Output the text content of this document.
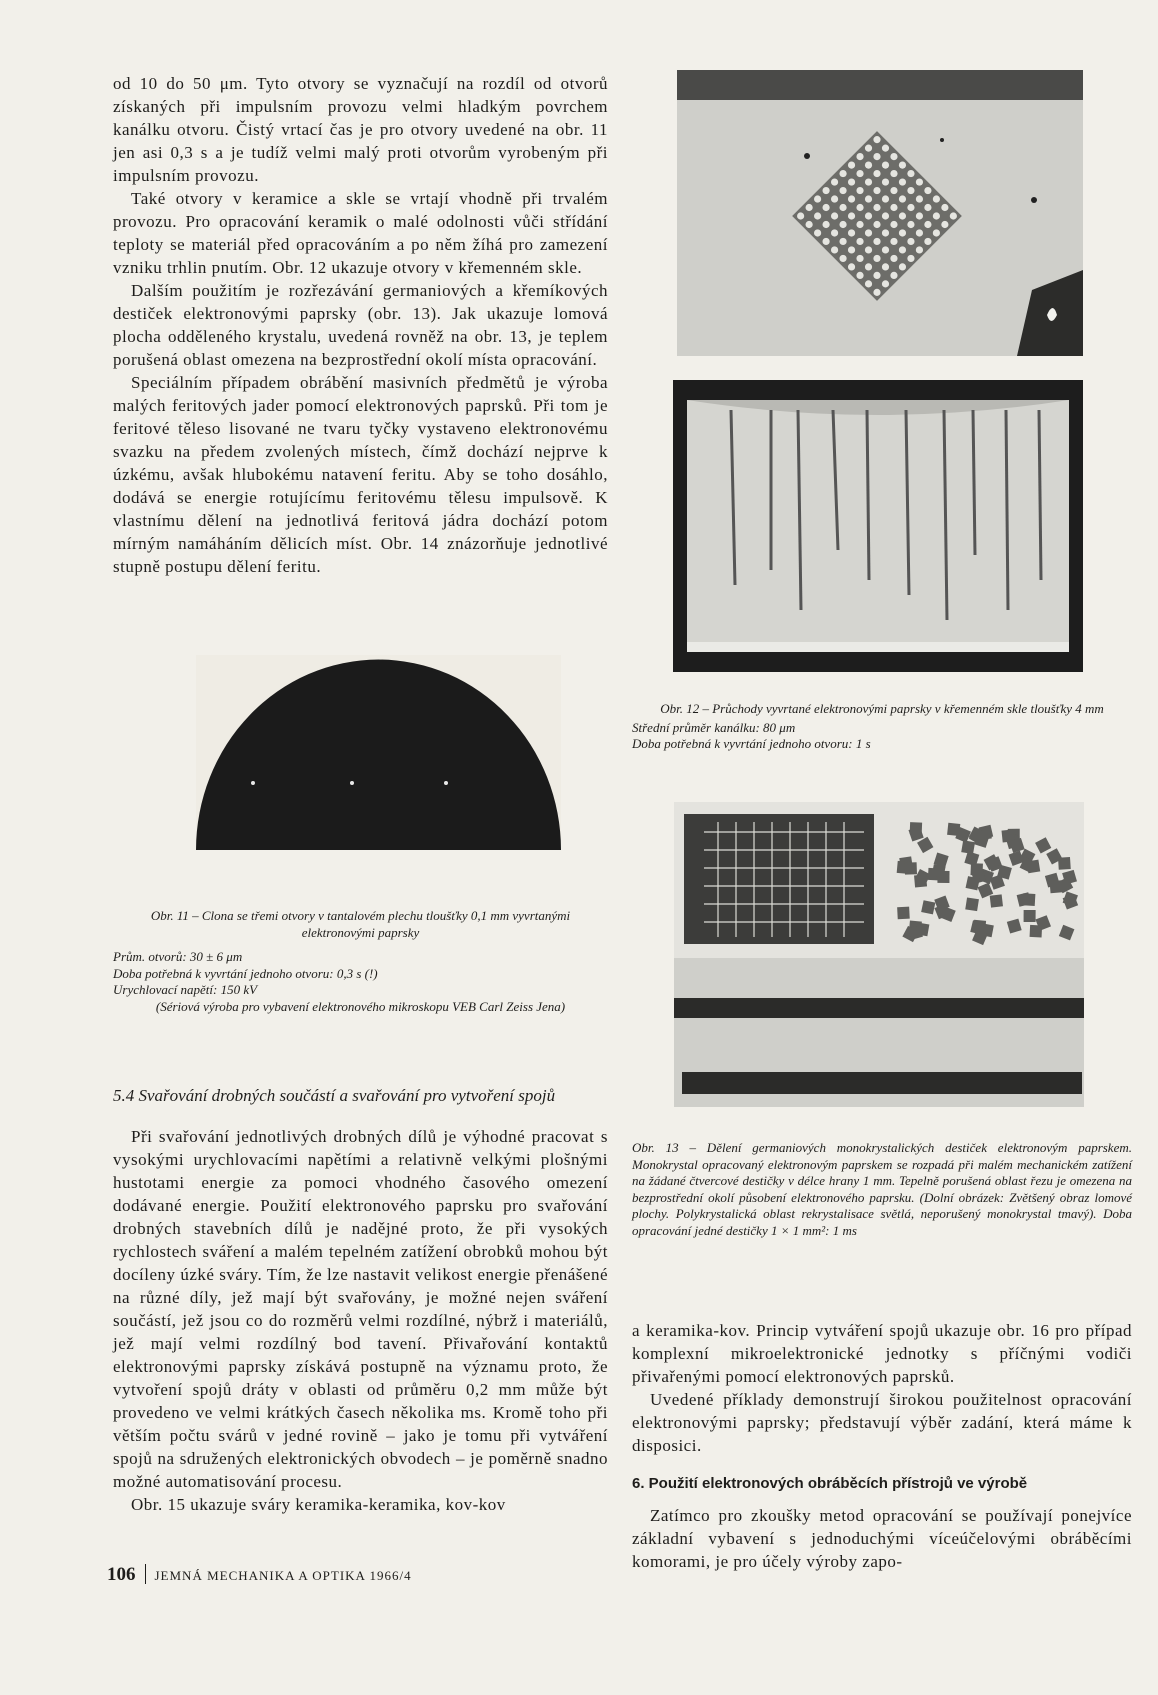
od 10 do 50 μm. Tyto otvory se vyznačují na rozdíl od otvorů získaných při impulsním provozu velmi hladkým povrchem kanálku otvoru. Čistý vrtací čas je pro otvory uvedené na obr. 11 jen asi 0,3 s a je tudíž velmi malý proti otvorům vyrobeným při impulsním provozu.

Také otvory v keramice a skle se vrtají vhodně při trvalém provozu. Pro opracování keramik o malé odolnosti vůči střídání teploty se materiál před opracováním a po něm žíhá pro zamezení vzniku trhlin pnutím. Obr. 12 ukazuje otvory v křemenném skle.

Dalším použitím je rozřezávání germaniových a křemíkových destiček elektronovými paprsky (obr. 13). Jak ukazuje lomová plocha odděleného krystalu, uvedená rovněž na obr. 13, je teplem porušená oblast omezena na bezprostřední okolí místa opracování.

Speciálním případem obrábění masivních předmětů je výroba malých feritových jader pomocí elektronových paprsků. Při tom je feritové těleso lisované ne tvaru tyčky vystaveno elektronovému svazku na předem zvolených místech, čímž dochází nejprve k úzkému, avšak hlubokému natavení feritu. Aby se toho dosáhlo, dodává se energie rotujícímu feritovému tělesu impulsově. K vlastnímu dělení na jednotlivá feritová jádra dochází potom mírným namáháním dělicích míst. Obr. 14 znázorňuje jednotlivé stupně postupu dělení feritu.

Obr. 11 – Clona se třemi otvory v tantalovém plechu tloušťky 0,1 mm vyvrtanými elektronovými paprsky
Prům. otvorů: 30 ± 6 μm
Doba potřebná k vyvrtání jednoho otvoru: 0,3 s (!)
Urychlovací napětí: 150 kV
(Sériová výroba pro vybavení elektronového mikroskopu VEB Carl Zeiss Jena)
5.4 Svařování drobných součástí a svařování pro vytvoření spojů

Při svařování jednotlivých drobných dílů je výhodné pracovat s vysokými urychlovacími napětími a relativně velkými plošnými hustotami energie za pomoci vhodného časového omezení dodávané energie. Použití elektronového paprsku pro svařování drobných stavebních dílů je nadějné proto, že při vysokých rychlostech sváření a malém tepelném zatížení obrobků mohou být docíleny úzké sváry. Tím, že lze nastavit velikost energie přenášené na různé díly, jež mají být svařovány, je možné nejen sváření součástí, jež jsou co do rozměrů velmi rozdílné, nýbrž i materiálů, jež mají velmi rozdílný bod tavení. Přivařování kontaktů elektronovými paprsky získává postupně na významu proto, že vytvoření spojů dráty v oblasti od průměru 0,2 mm může být provedeno ve velmi krátkých časech několika ms. Kromě toho při větším počtu svárů v jedné rovině – jako je tomu při vytváření spojů na sdružených elektronických obvodech – je poměrně snadno možné automatisování procesu.

Obr. 15 ukazuje sváry keramika-keramika, kov-kov

Obr. 12 – Průchody vyvrtané elektronovými paprsky v křemenném skle tloušťky 4 mm
Střední průměr kanálku: 80 μm
Doba potřebná k vyvrtání jednoho otvoru: 1 s
Obr. 13 – Dělení germaniových monokrystalických destiček elektronovým paprskem. Monokrystal opracovaný elektronovým paprskem se rozpadá při malém mechanickém zatížení na žádané čtvercové destičky v délce hrany 1 mm. Tepelně porušená oblast řezu je omezena na bezprostřední okolí působení elektronového paprsku. (Dolní obrázek: Zvětšený obraz lomové plochy. Polykrystalická oblast rekrystalisace světlá, neporušený monokrystal tmavý). Doba opracování jedné destičky 1 × 1 mm²: 1 ms

a keramika-kov. Princip vytváření spojů ukazuje obr. 16 pro případ komplexní mikroelektronické jednotky s příčnými vodiči přivařenými pomocí elektronových paprsků.

Uvedené příklady demonstrují širokou použitelnost opracování elektronovými paprsky; představují výběr zadání, která máme k disposici.

6. Použití elektronových obráběcích přístrojů ve výrobě

Zatímco pro zkoušky metod opracování se používají ponejvíce základní vybavení s jednoduchými víceúčelovými obráběcími komorami, je pro účely výroby zapo-

106 JEMNÁ MECHANIKA A OPTIKA 1966/4
